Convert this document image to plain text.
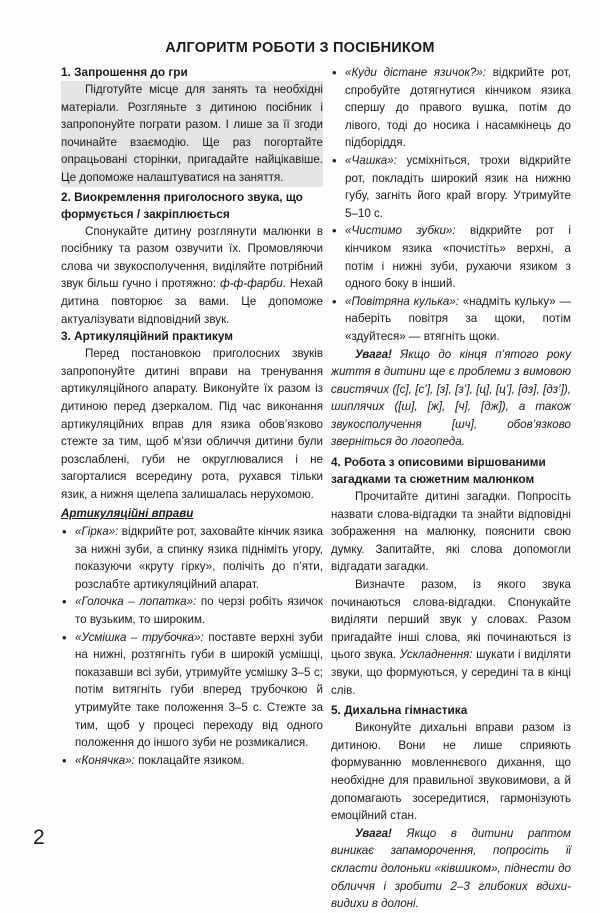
АЛГОРИТМ РОБОТИ З ПОСІБНИКОМ
1. Запрошення до гри

Підготуйте місце для занять та необхідні матеріали. Розгляньте з дитиною посібник і запропонуйте пограти разом. І лише за її згоди починайте взаємодію. Ще раз погортайте опрацьовані сторінки, пригадайте найцікавіше. Це допоможе налаштуватися на заняття.

2. Виокремлення приголосного звука, що формується / закріплюється

Спонукайте дитину розглянути малюнки в посібнику та разом озвучити їх. Промовляючи слова чи звукосполучення, виділяйте потрібний звук більш гучно і протяжно: ф-ф-фарби. Нехай дитина повторює за вами. Це допоможе актуалізувати відповідний звук.

3. Артикуляційний практикум

Перед постановкою приголосних звуків запропонуйте дитині вправи на тренування артикуляційного апарату. Виконуйте їх разом із дитиною перед дзеркалом. Під час виконання артикуляційних вправ для язика обов’язково стежте за тим, щоб м’язи обличчя дитини були розслаблені, губи не округлювалися і не загорталися всередину рота, рухався тільки язик, а нижня щелепа залишалась нерухомою.

Артикуляційні вправи
• «Гірка»: відкрийте рот, заховайте кінчик язика за нижні зуби, а спинку язика підніміть угору, показуючи «круту гірку», полічіть до п’яти, розслабте артикуляційний апарат.
• «Голочка – лопатка»: по черзі робіть язичок то вузьким, то широким.
• «Усмішка – трубочка»: поставте верхні зуби на нижні, розтягніть губи в широкій усмішці, показавши всі зуби, утримуйте усмішку 3–5 с; потім витягніть губи вперед трубочкою й утримуйте таке положення 3–5 с. Стежте за тим, щоб у процесі переходу від одного положення до іншого зуби не розмикалися.
• «Конячка»: поклацайте язиком.
• «Куди дістане язичок?»: відкрийте рот, спробуйте дотягнутися кінчиком язика спершу до правого вушка, потім до лівого, тоді до носика і насамкінець до підборіддя.
• «Чашка»: усміхніться, трохи відкрийте рот, покладіть широкий язик на нижню губу, загніть його край вгору. Утримуйте 5–10 с.
• «Чистимо зубки»: відкрийте рот і кінчиком язика «почистіть» верхні, а потім і нижні зуби, рухаючи язиком з одного боку в інший.
• «Повітряна кулька»: «надміть кульку» — наберіть повітря за щоки, потім «здуйтеся» — втягніть щоки.

Увага! Якщо до кінця п’ятого року життя в дитини ще є проблеми з вимовою свистячих ([с], [с’], [з], [з’], [ц], [ц’], [дз], [дз’]), шиплячих ([ш], [ж], [ч], [дж]), а також звукосполучення [шч], обов’язково зверніться до логопеда.

4. Робота з описовими віршованими загадками та сюжетним малюнком

Прочитайте дитині загадки. Попросіть назвати слова-відгадки та знайти відповідні зображення на малюнку, пояснити свою думку. Запитайте, які слова допомогли відгадати загадки.

Визначте разом, із якого звука починаються слова-відгадки. Спонукайте виділяти перший звук у словах. Разом пригадайте інші слова, які починаються із цього звука. Ускладнення: шукати і виділяти звуки, що формуються, у середині та в кінці слів.

5. Дихальна гімнастика

Виконуйте дихальні вправи разом із дитиною. Вони не лише сприяють формуванню мовленнєвого дихання, що необхідне для правильної звуковимови, а й допомагають зосередитися, гармонізують емоційний стан.

Увага! Якщо в дитини раптом виникає запаморочення, попросіть її скласти долоньки «ківшиком», піднести до обличчя і зробити 2–3 глибоких вдихи-видихи в долоні.

2
